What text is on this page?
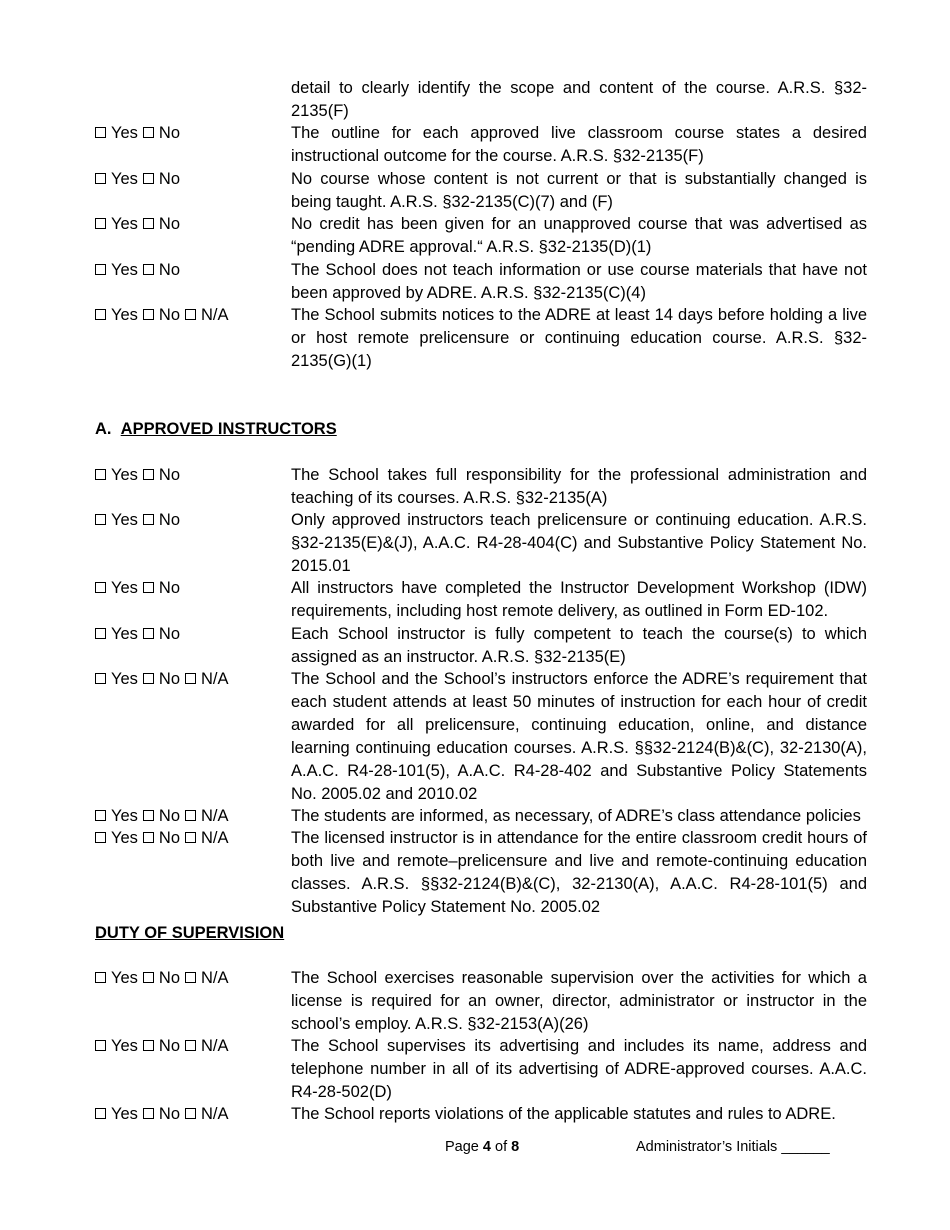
detail to clearly identify the scope and content of the course. A.R.S. §32-2135(F)
Yes No	The outline for each approved live classroom course states a desired instructional outcome for the course. A.R.S. §32-2135(F)
Yes No	No course whose content is not current or that is substantially changed is being taught. A.R.S. §32-2135(C)(7) and (F)
Yes No	No credit has been given for an unapproved course that was advertised as “pending ADRE approval.“ A.R.S. §32-2135(D)(1)
Yes No	The School does not teach information or use course materials that have not been approved by ADRE. A.R.S. §32-2135(C)(4)
Yes No N/A	The School submits notices to the ADRE at least 14 days before holding a live or host remote prelicensure or continuing education course. A.R.S. §32-2135(G)(1)
A. APPROVED INSTRUCTORS
Yes No	The School takes full responsibility for the professional administration and teaching of its courses. A.R.S. §32-2135(A)
Yes No	Only approved instructors teach prelicensure or continuing education. A.R.S. §32-2135(E)&(J), A.A.C. R4-28-404(C) and Substantive Policy Statement No. 2015.01
Yes No	All instructors have completed the Instructor Development Workshop (IDW) requirements, including host remote delivery, as outlined in Form ED-102.
Yes No	Each School instructor is fully competent to teach the course(s) to which assigned as an instructor. A.R.S. §32-2135(E)
Yes No N/A	The School and the School’s instructors enforce the ADRE’s requirement that each student attends at least 50 minutes of instruction for each hour of credit awarded for all prelicensure, continuing education, online, and distance learning continuing education courses. A.R.S. §§32-2124(B)&(C), 32-2130(A), A.A.C. R4-28-101(5), A.A.C. R4-28-402 and Substantive Policy Statements No. 2005.02 and 2010.02
Yes No N/A	The students are informed, as necessary, of ADRE’s class attendance policies
Yes No N/A	The licensed instructor is in attendance for the entire classroom credit hours of both live and remote–prelicensure and live and remote-continuing education classes. A.R.S. §§32-2124(B)&(C), 32-2130(A), A.A.C. R4-28-101(5) and Substantive Policy Statement No. 2005.02
DUTY OF SUPERVISION
Yes No N/A	The School exercises reasonable supervision over the activities for which a license is required for an owner, director, administrator or instructor in the school’s employ. A.R.S. §32-2153(A)(26)
Yes No N/A	The School supervises its advertising and includes its name, address and telephone number in all of its advertising of ADRE-approved courses. A.A.C. R4-28-502(D)
Yes No N/A	The School reports violations of the applicable statutes and rules to ADRE.
Page 4 of 8	Administrator’s Initials ______
